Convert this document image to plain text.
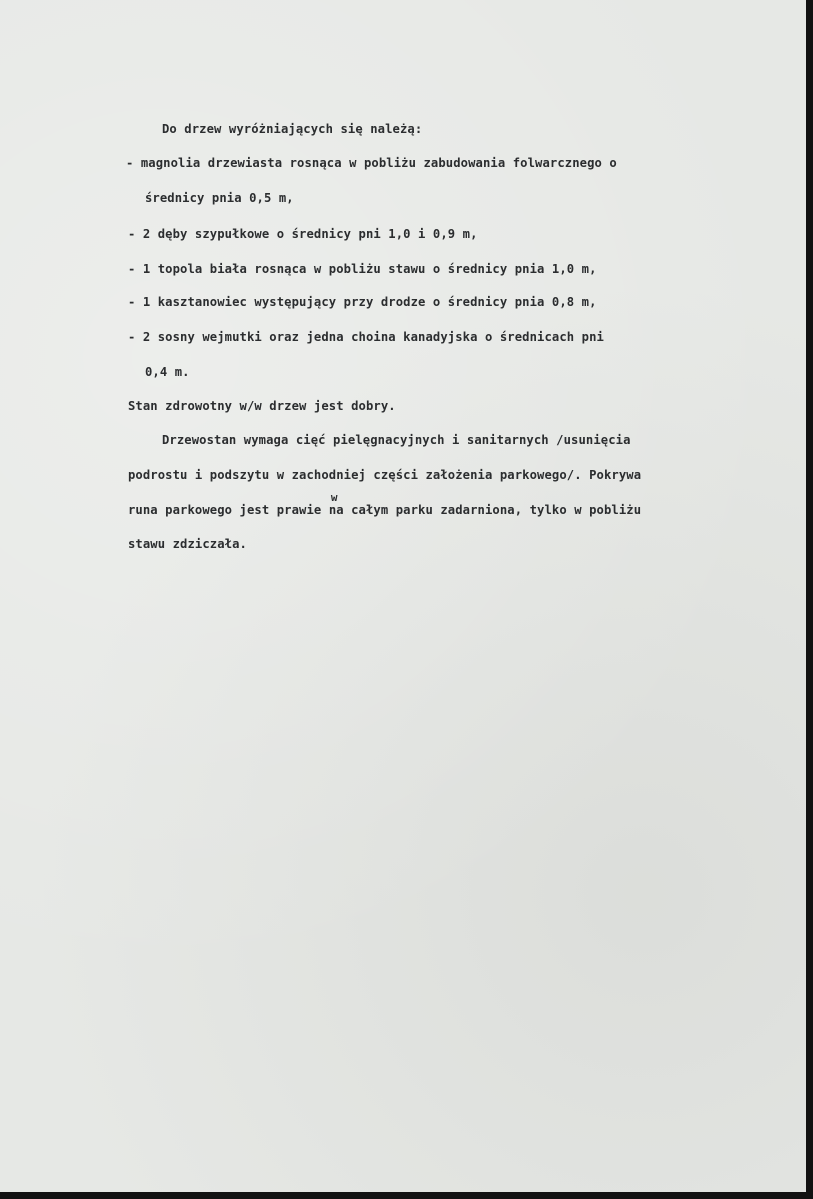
Do drzew wyróżniających się należą:

- magnolia drzewiasta rosnąca w pobliżu zabudowania folwarcznego o

średnicy pnia 0,5 m,

- 2 dęby szypułkowe o średnicy pni 1,0 i 0,9 m,

- 1 topola biała rosnąca w pobliżu stawu o średnicy pnia 1,0 m,

- 1 kasztanowiec występujący przy drodze o średnicy pnia 0,8 m,

- 2 sosny wejmutki oraz jedna choina kanadyjska o średnicach pni

0,4 m.

Stan zdrowotny w/w drzew jest dobry.

Drzewostan wymaga cięć pielęgnacyjnych i sanitarnych /usunięcia

podrostu i podszytu w zachodniej części założenia parkowego/. Pokrywa

runa parkowego jest prawie na
w
całym parku zadarniona, tylko w pobliżu

stawu zdziczała.
